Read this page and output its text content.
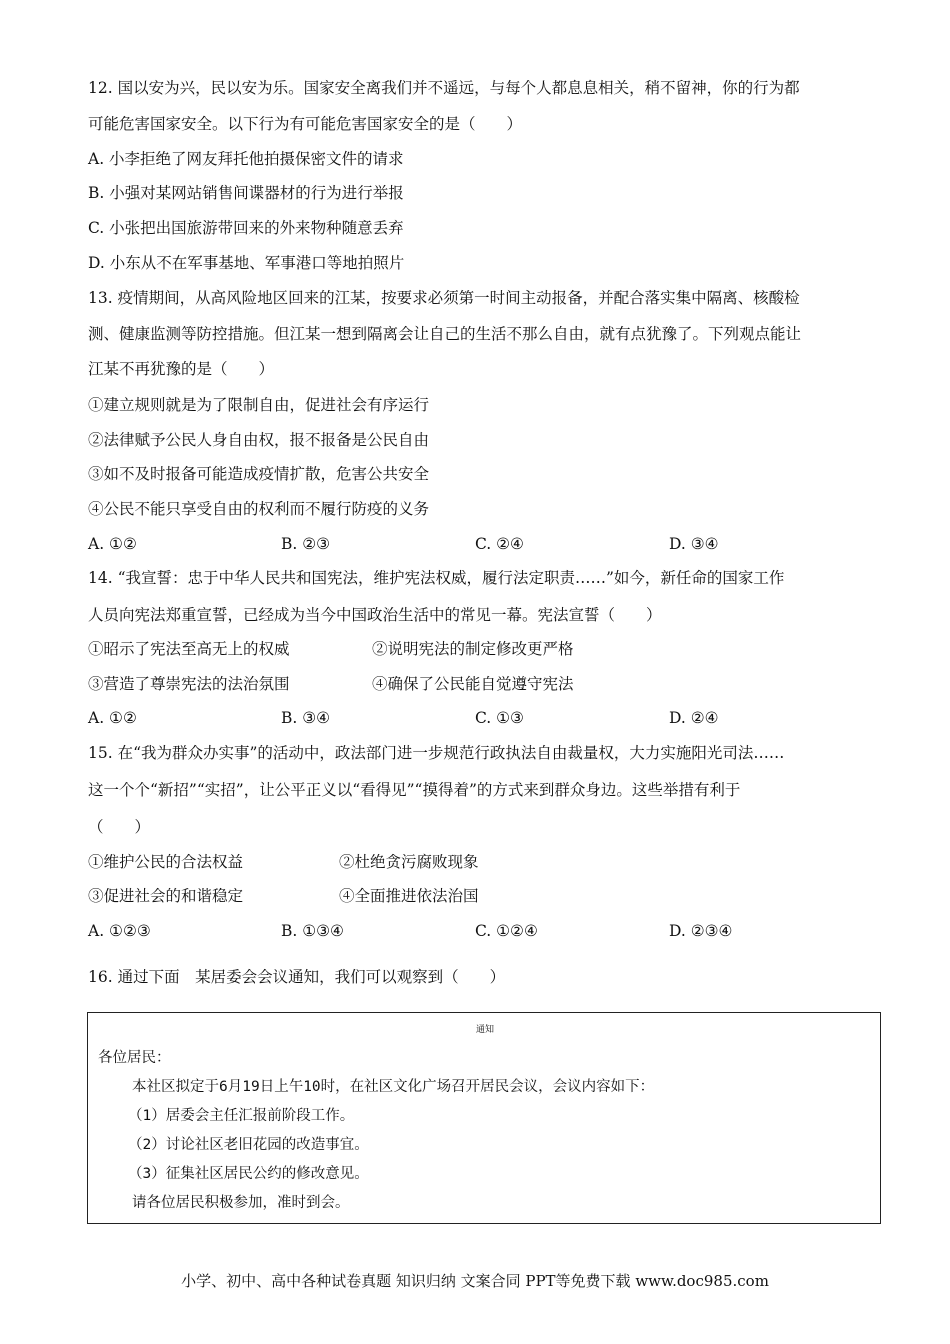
12. 国以安为兴，民以安为乐。国家安全离我们并不遥远，与每个人都息息相关，稍不留神，你的行为都
可能危害国家安全。以下行为有可能危害国家安全的是（　　）
A. 小李拒绝了网友拜托他拍摄保密文件的请求
B. 小强对某网站销售间谍器材的行为进行举报
C. 小张把出国旅游带回来的外来物种随意丢弃
D. 小东从不在军事基地、军事港口等地拍照片
13. 疫情期间，从高风险地区回来的江某，按要求必须第一时间主动报备，并配合落实集中隔离、核酸检
测、健康监测等防控措施。但江某一想到隔离会让自己的生活不那么自由，就有点犹豫了。下列观点能让
江某不再犹豫的是（　　）
①建立规则就是为了限制自由，促进社会有序运行
②法律赋予公民人身自由权，报不报备是公民自由
③如不及时报备可能造成疫情扩散，危害公共安全
④公民不能只享受自由的权利而不履行防疫的义务
A. ①②	B. ②③	C. ②④	D. ③④
14. “我宣誓：忠于中华人民共和国宪法，维护宪法权威，履行法定职责……”如今，新任命的国家工作
人员向宪法郑重宣誓，已经成为当今中国政治生活中的常见一幕。宪法宣誓（　　）
①昭示了宪法至高无上的权威	②说明宪法的制定修改更严格
③营造了尊崇宪法的法治氛围	④确保了公民能自觉遵守宪法
A. ①②	B. ③④	C. ①③	D. ②④
15. 在“我为群众办实事”的活动中，政法部门进一步规范行政执法自由裁量权，大力实施阳光司法……
这一个个“新招”“实招”，让公平正义以“看得见”“摸得着”的方式来到群众身边。这些举措有利于
（　　）
①维护公民的合法权益	②杜绝贪污腐败现象
③促进社会的和谐稳定	④全面推进依法治国
A. ①②③	B. ①③④	C. ①②④	D. ②③④
16. 通过下面　某居委会会议通知，我们可以观察到（　　）
通知
各位居民：
本社区拟定于6月19日上午10时，在社区文化广场召开居民会议，会议内容如下：
（1）居委会主任汇报前阶段工作。
（2）讨论社区老旧花园的改造事宜。
（3）征集社区居民公约的修改意见。
请各位居民积极参加，准时到会。
小学、初中、高中各种试卷真题 知识归纳 文案合同 PPT等免费下载 www.doc985.com
